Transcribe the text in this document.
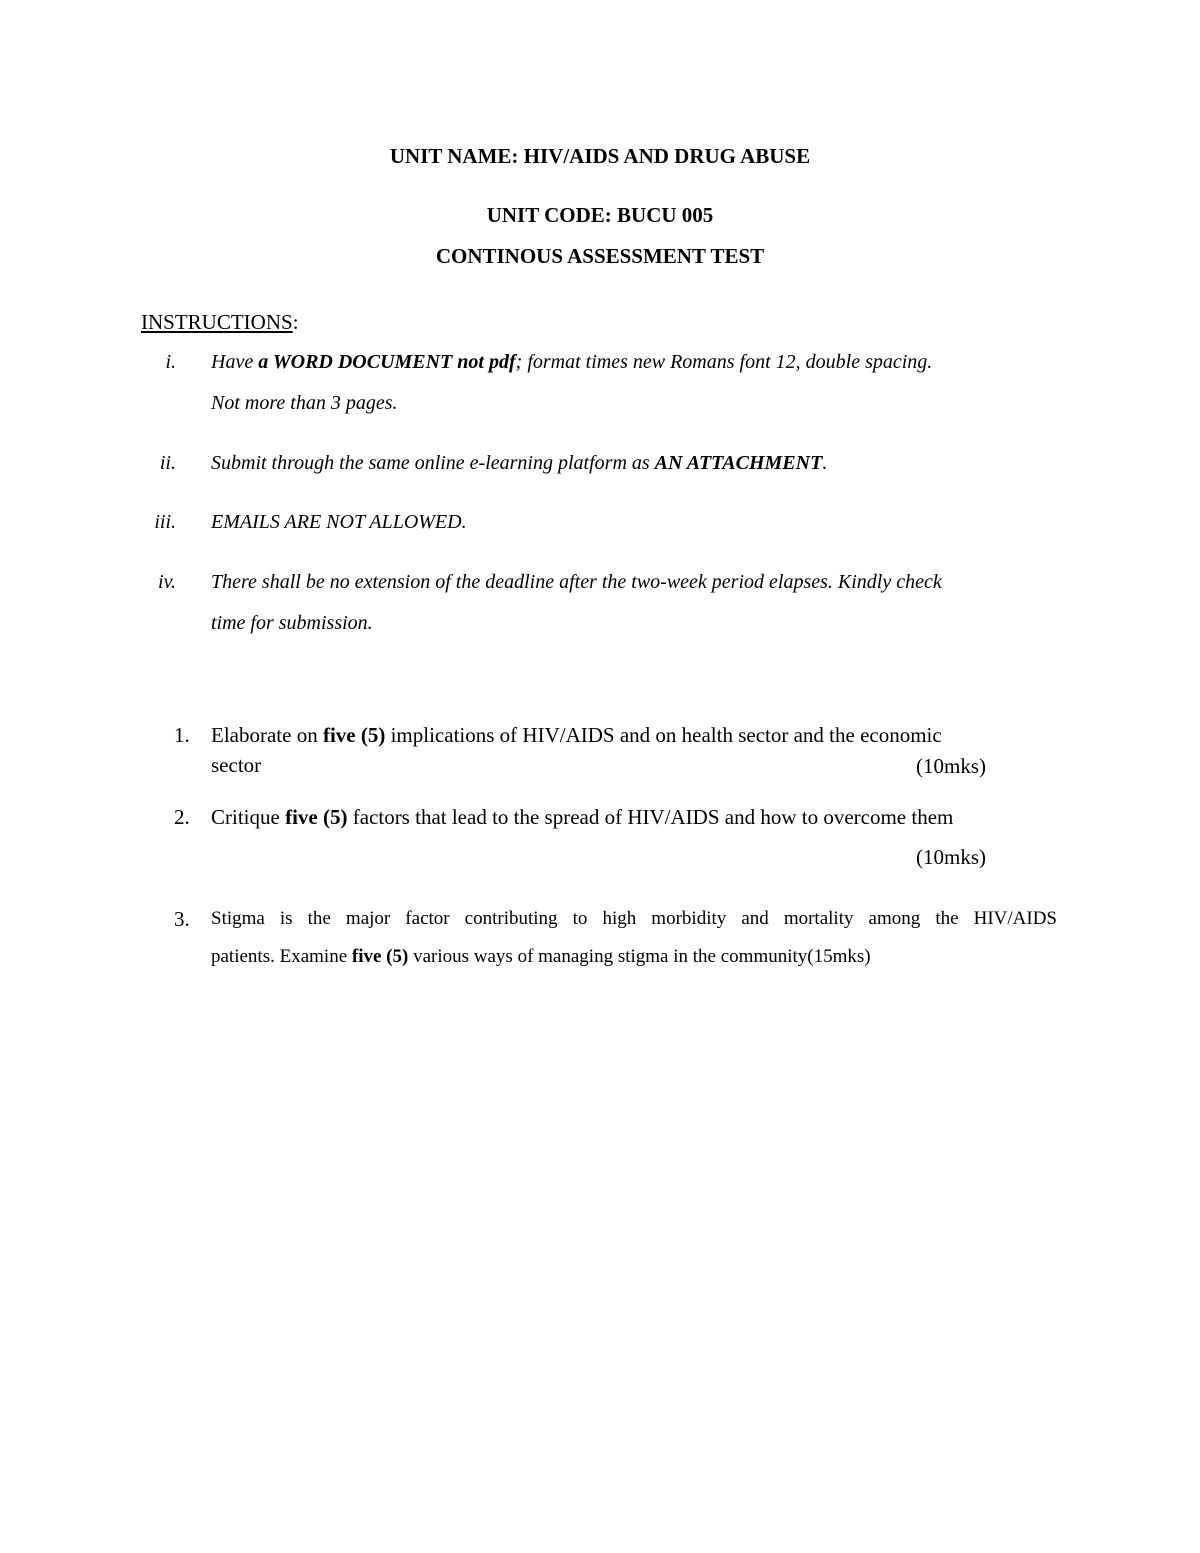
UNIT NAME: HIV/AIDS AND DRUG ABUSE
UNIT CODE: BUCU 005
CONTINOUS ASSESSMENT TEST
INSTRUCTIONS:
i. Have a WORD DOCUMENT not pdf; format times new Romans font 12, double spacing.
Not more than 3 pages.
ii. Submit through the same online e-learning platform as AN ATTACHMENT.
iii. EMAILS ARE NOT ALLOWED.
iv. There shall be no extension of the deadline after the two-week period elapses. Kindly check
time for submission.
1. Elaborate on five (5) implications of HIV/AIDS and on health sector and the economic
sector	(10mks)
2. Critique five (5) factors that lead to the spread of HIV/AIDS and how to overcome them
(10mks)
3. Stigma is the major factor contributing to high morbidity and mortality among the HIV/AIDS
patients. Examine five (5) various ways of managing stigma in the community(15mks)
